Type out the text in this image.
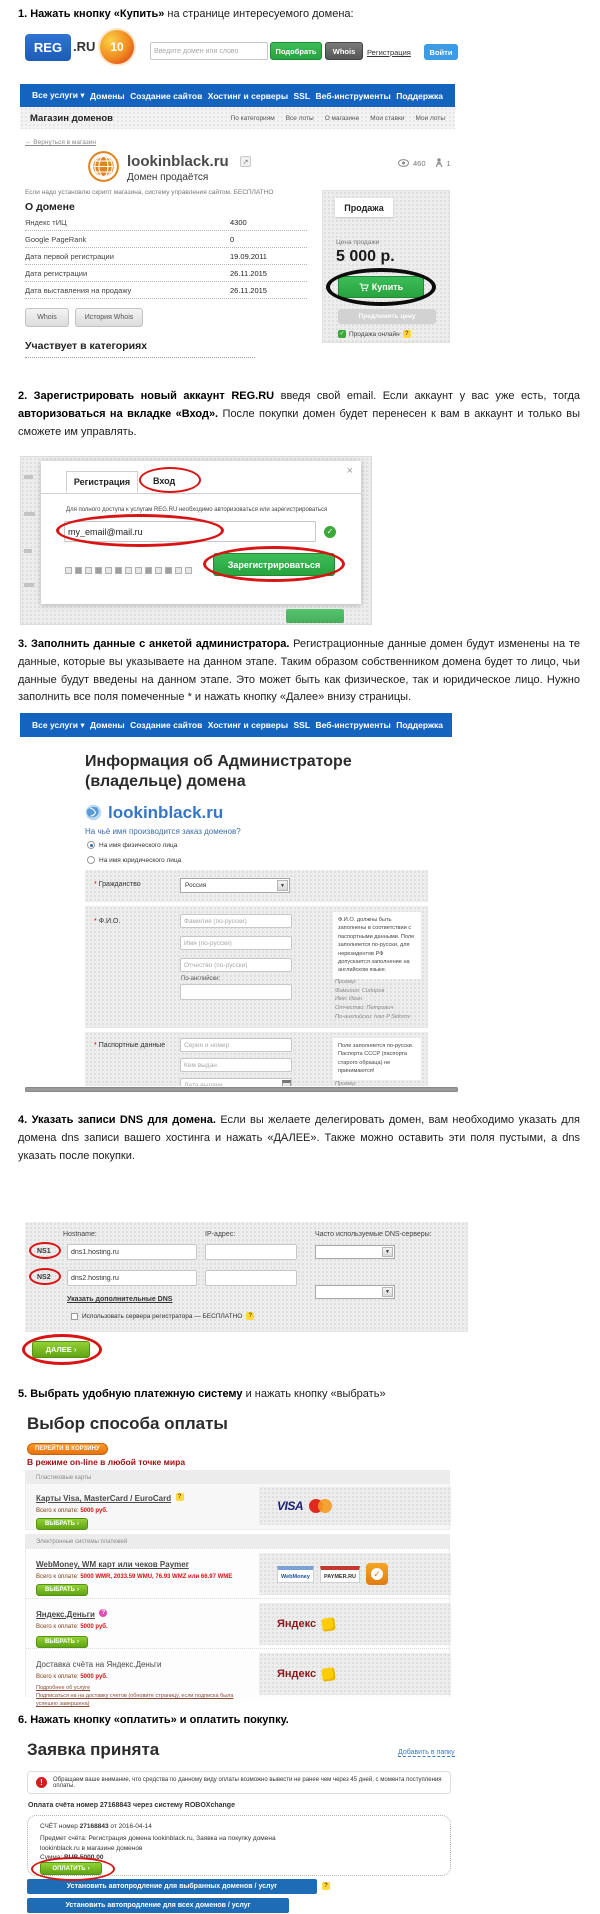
1. Нажать кнопку «Купить» на странице интересуемого домена:
REG .RU	10
Введите домен или слово	Подобрать	Whois	Регистрация	Войти
Все услуги ▾ Домены Создание сайтов Хостинг и серверы SSL Веб-инструменты Поддержка
Магазин доменов	По категориям Все лоты О магазине Мои ставки Мои лоты
← Вернуться в магазин
lookinblack.ru	↗
Домен продаётся
460	1
Если надо установлю скрипт магазина, систему управления сайтом. БЕСПЛАТНО
О домене
Яндекс тИЦ	4300
Google PageRank	0
Дата первой регистрации	19.09.2011
Дата регистрации	26.11.2015
Дата выставления на продажу	26.11.2015
Whois	История Whois
Участвует в категориях
Продажа
Цена продажи
5 000 р.
Купить
Предложить цену
✓ Продажа онлайн ?
2. Зарегистрировать новый аккаунт REG.RU введя свой email. Если аккаунт у вас уже есть, тогда авторизоваться на вкладке «Вход». После покупки домен будет перенесен к вам в аккаунт и только вы сможете им управлять.
×
Регистрация	Вход
Для полного доступа к услугам REG.RU необходимо авторизоваться или зарегистрироваться
my_email@mail.ru
✓
Зарегистрироваться
3. Заполнить данные с анкетой администратора. Регистрационные данные домен будут изменены на те данные, которые вы указываете на данном этапе. Таким образом собственником домена будет то лицо, чьи данные будут введены на данном этапе. Это может быть как физическое, так и юридическое лицо. Нужно заполнить все поля помеченные * и нажать кнопку «Далее» внизу страницы.
Все услуги ▾ Домены Создание сайтов Хостинг и серверы SSL Веб-инструменты Поддержка
Информация об Администраторе (владельце) домена
lookinblack.ru
На чьё имя производится заказ доменов?
На имя физического лица
На имя юридического лица
* Гражданство	Россия	▼
* Ф.И.О.
Фамилия (по-русски)
Имя (по-русски)
Отчество (по-русски)
По-английски:
Ф.И.О. должны быть заполнены в соответствии с паспортными данными. Поле заполняется по-русски, для нерезидентов РФ допускается заполнение на английском языке.
Пример:
Фамилия: Сидоров
Имя: Иван
Отчество: Петрович
По-английски: Ivan P Sidorov
* Паспортные данные
Серия и номер
Кем выдан
Дата выдачи	Поле заполняется по-русски. Паспорта СССР (паспорта старого образца) не принимаются!
Пример:
4. Указать записи DNS для домена. Если вы желаете делегировать домен, вам необходимо указать для домена dns записи вашего хостинга и нажать «ДАЛЕЕ». Также можно оставить эти поля пустыми, а dns указать после покупки.
Hostname:	IP-адрес:	Часто используемые DNS-серверы:
NS1
dns1.hosting.ru	▼
NS2
dns2.hosting.ru
▼
Указать дополнительные DNS
Использовать сервера регистратора — БЕСПЛАТНО	?
ДАЛЕЕ ›
5. Выбрать удобную платежную систему и нажать кнопку «выбрать»
Выбор способа оплаты
ПЕРЕЙТИ В КОРЗИНУ
В режиме on-line в любой точке мира
Пластиковые карты
Карты Visa, MasterCard / EuroCard ?
Всего к оплате: 5000 руб.
ВЫБРАТЬ ›
VISA
Электронные системы платежей
WebMoney, WM карт или чеков Paymer
Всего к оплате: 5000 WMR, 2033.59 WMU, 76.93 WMZ или 66.97 WME
ВЫБРАТЬ ›
WebMoney	PAYMER.RU	✓
Яндекс.Деньги ?
Всего к оплате: 5000 руб.
ВЫБРАТЬ ›
Яндекс
Доставка счёта на Яндекс.Деньги
Всего к оплате: 5000 руб.
Подробнее об услуге
Подписаться на на доставку счетов (обновите страницу, если подписка была успешно завершена)
Яндекс
6. Нажать кнопку «оплатить» и оплатить покупку.
Заявка принята	Добавить в папку
!	Обращаем ваше внимание, что средства по данному виду оплаты возможно вывести не ранее чем через 45 дней, с момента поступления оплаты.
Оплата счёта номер 27168843 через систему ROBOXchange
СЧЁТ номер 27168843 от 2016-04-14
Предмет счёта: Регистрация домена lookinblack.ru, Заявка на покупку домена lookinblack.ru в магазине доменов
Сумма: RUR 5000.00
ОПЛАТИТЬ ›
Установить автопродление для выбранных доменов / услуг	?
Установить автопродление для всех доменов / услуг
